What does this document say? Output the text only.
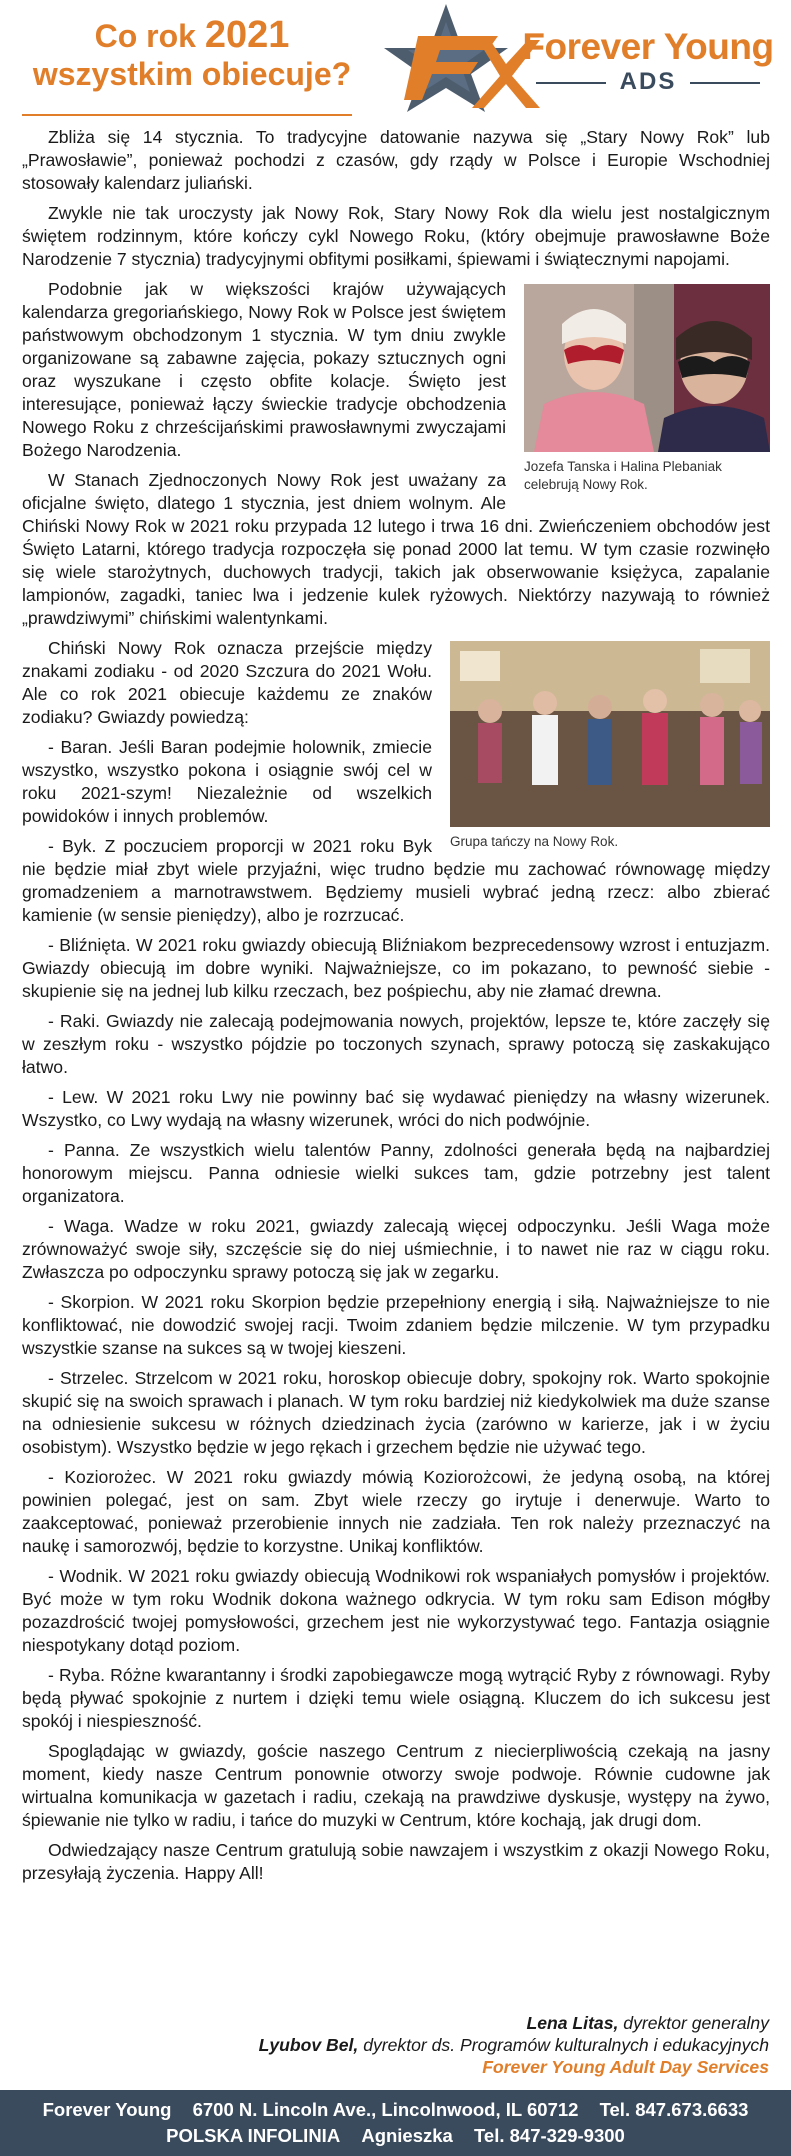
Co rok 2021
wszystkim obiecuje?
Forever Young
ADS

Zbliża się 14 stycznia. To tradycyjne datowanie nazywa się „Stary Nowy Rok” lub „Prawosławie”, ponieważ pochodzi z czasów, gdy rządy w Polsce i Europie Wschodniej stosowały kalendarz juliański.

Zwykle nie tak uroczysty jak Nowy Rok, Stary Nowy Rok dla wielu jest nostalgicznym świętem rodzinnym, które kończy cykl Nowego Roku, (który obejmuje prawosławne Boże Narodzenie 7 stycznia) tradycyjnymi obfitymi posiłkami, śpiewami i świątecznymi napojami.

Jozefa Tanska i Halina Plebaniak celebrują Nowy Rok.

Podobnie jak w większości krajów używających kalendarza gregoriańskiego, Nowy Rok w Polsce jest świętem państwowym obchodzonym 1 stycznia. W tym dniu zwykle organizowane są zabawne zajęcia, pokazy sztucznych ogni oraz wyszukane i często obfite kolacje. Święto jest interesujące, ponieważ łączy świeckie tradycje obchodzenia Nowego Roku z chrześcijańskimi prawosławnymi zwyczajami Bożego Narodzenia.

W Stanach Zjednoczonych Nowy Rok jest uważany za oficjalne święto, dlatego 1 stycznia, jest dniem wolnym. Ale Chiński Nowy Rok w 2021 roku przypada 12 lutego i trwa 16 dni. Zwieńczeniem obchodów jest Święto Latarni, którego tradycja rozpoczęła się ponad 2000 lat temu. W tym czasie rozwinęło się wiele starożytnych, duchowych tradycji, takich jak obserwowanie księżyca, zapalanie lampionów, zagadki, taniec lwa i jedzenie kulek ryżowych. Niektórzy nazywają to również „prawdziwymi” chińskimi walentynkami.

Grupa tańczy na Nowy Rok.

Chiński Nowy Rok oznacza przejście między znakami zodiaku - od 2020 Szczura do 2021 Wołu. Ale co rok 2021 obiecuje każdemu ze znaków zodiaku? Gwiazdy powiedzą:

- Baran. Jeśli Baran podejmie holownik, zmiecie wszystko, wszystko pokona i osiągnie swój cel w roku 2021-szym! Niezależnie od wszelkich powidoków i innych problemów.

- Byk. Z poczuciem proporcji w 2021 roku Byk nie będzie miał zbyt wiele przyjaźni, więc trudno będzie mu zachować równowagę między gromadzeniem a marnotrawstwem. Będziemy musieli wybrać jedną rzecz: albo zbierać kamienie (w sensie pieniędzy), albo je rozrzucać.

- Bliźnięta. W 2021 roku gwiazdy obiecują Bliźniakom bezprecedensowy wzrost i entuzjazm. Gwiazdy obiecują im dobre wyniki. Najważniejsze, co im pokazano, to pewność siebie - skupienie się na jednej lub kilku rzeczach, bez pośpiechu, aby nie złamać drewna.

- Raki. Gwiazdy nie zalecają podejmowania nowych, projektów, lepsze te, które zaczęły się w zeszłym roku - wszystko pójdzie po toczonych szynach, sprawy potoczą się zaskakująco łatwo.

- Lew. W 2021 roku Lwy nie powinny bać się wydawać pieniędzy na własny wizerunek. Wszystko, co Lwy wydają na własny wizerunek, wróci do nich podwójnie.

- Panna. Ze wszystkich wielu talentów Panny, zdolności generała będą na najbardziej honorowym miejscu. Panna odniesie wielki sukces tam, gdzie potrzebny jest talent organizatora.

- Waga. Wadze w roku 2021, gwiazdy zalecają więcej odpoczynku. Jeśli Waga może zrównoważyć swoje siły, szczęście się do niej uśmiechnie, i to nawet nie raz w ciągu roku. Zwłaszcza po odpoczynku sprawy potoczą się jak w zegarku.

- Skorpion. W 2021 roku Skorpion będzie przepełniony energią i siłą. Najważniejsze to nie konfliktować, nie dowodzić swojej racji. Twoim zdaniem będzie milczenie. W tym przypadku wszystkie szanse na sukces są w twojej kieszeni.

- Strzelec. Strzelcom w 2021 roku, horoskop obiecuje dobry, spokojny rok. Warto spokojnie skupić się na swoich sprawach i planach. W tym roku bardziej niż kiedykolwiek ma duże szanse na odniesienie sukcesu w różnych dziedzinach życia (zarówno w karierze, jak i w życiu osobistym). Wszystko będzie w jego rękach i grzechem będzie nie używać tego.

- Koziorożec. W 2021 roku gwiazdy mówią Koziorożcowi, że jedyną osobą, na której powinien polegać, jest on sam. Zbyt wiele rzeczy go irytuje i denerwuje. Warto to zaakceptować, ponieważ przerobienie innych nie zadziała. Ten rok należy przeznaczyć na naukę i samorozwój, będzie to korzystne. Unikaj konfliktów.

- Wodnik. W 2021 roku gwiazdy obiecują Wodnikowi rok wspaniałych pomysłów i projektów. Być może w tym roku Wodnik dokona ważnego odkrycia. W tym roku sam Edison mógłby pozazdrościć twojej pomysłowości, grzechem jest nie wykorzystywać tego. Fantazja osiągnie niespotykany dotąd poziom.

- Ryba. Różne kwarantanny i środki zapobiegawcze mogą wytrącić Ryby z równowagi. Ryby będą pływać spokojnie z nurtem i dzięki temu wiele osiągną. Kluczem do ich sukcesu jest spokój i niespieszność.

Spoglądając w gwiazdy, goście naszego Centrum z niecierpliwością czekają na jasny moment, kiedy nasze Centrum ponownie otworzy swoje podwoje. Równie cudowne jak wirtualna komunikacja w gazetach i radiu, czekają na prawdziwe dyskusje, występy na żywo, śpiewanie nie tylko w radiu, i tańce do muzyki w Centrum, które kochają, jak drugi dom.

Odwiedzający nasze Centrum gratulują sobie nawzajem i wszystkim z okazji Nowego Roku, przesyłają życzenia. Happy All!

Lena Litas, dyrektor generalny
Lyubov Bel, dyrektor ds. Programów kulturalnych i edukacyjnych
Forever Young Adult Day Services
Forever Young 6700 N. Lincoln Ave., Lincolnwood, IL 60712 Tel. 847.673.6633
POLSKA INFOLINIA Agnieszka Tel. 847-329-9300
